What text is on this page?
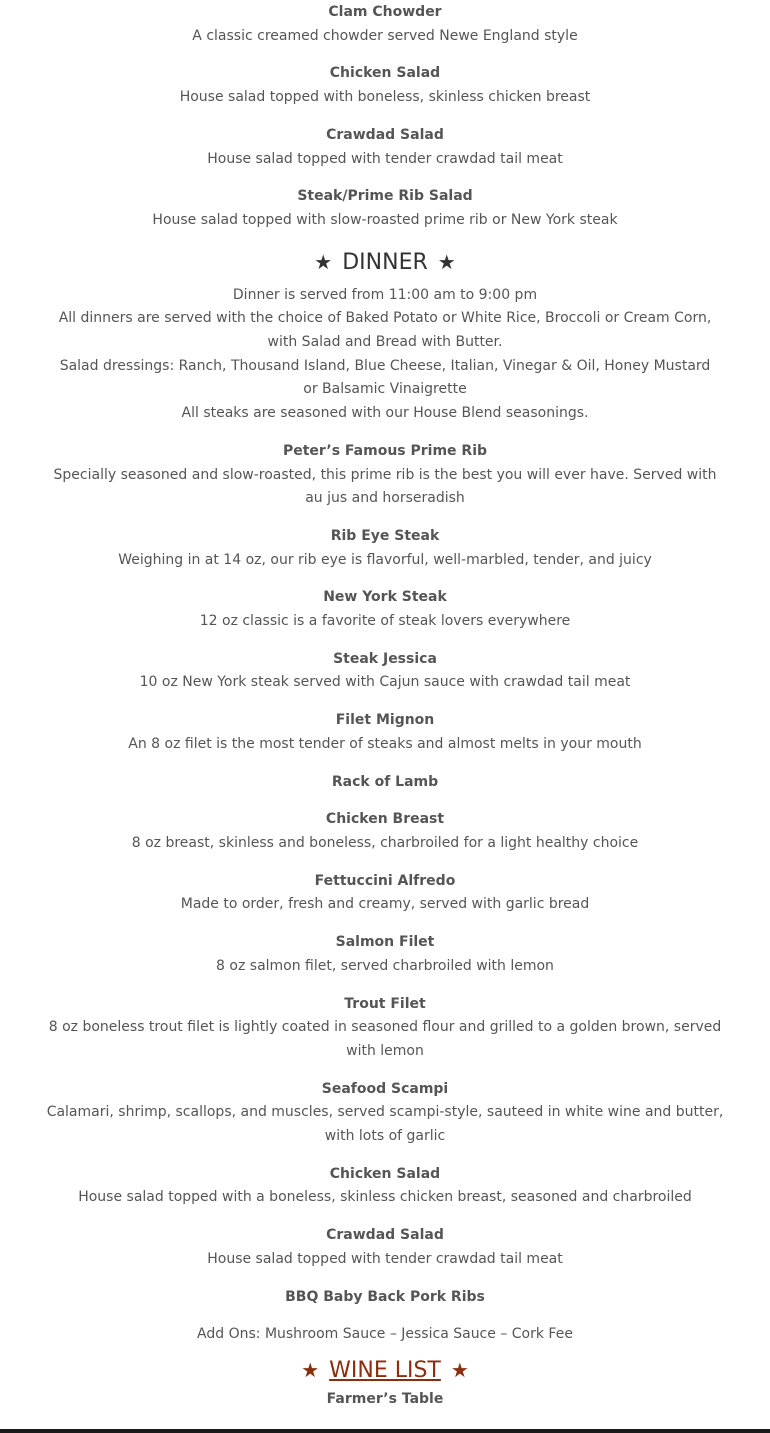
Clam Chowder
A classic creamed chowder served Newe England style
Chicken Salad
House salad topped with boneless, skinless chicken breast
Crawdad Salad
House salad topped with tender crawdad tail meat
Steak/Prime Rib Salad
House salad topped with slow-roasted prime rib or New York steak
★ DINNER ★
Dinner is served from 11:00 am to 9:00 pm
All dinners are served with the choice of Baked Potato or White Rice, Broccoli or Cream Corn, with Salad and Bread with Butter.
Salad dressings: Ranch, Thousand Island, Blue Cheese, Italian, Vinegar & Oil, Honey Mustard or Balsamic Vinaigrette
All steaks are seasoned with our House Blend seasonings.
Peter’s Famous Prime Rib
Specially seasoned and slow-roasted, this prime rib is the best you will ever have. Served with au jus and horseradish
Rib Eye Steak
Weighing in at 14 oz, our rib eye is flavorful, well-marbled, tender, and juicy
New York Steak
12 oz classic is a favorite of steak lovers everywhere
Steak Jessica
10 oz New York steak served with Cajun sauce with crawdad tail meat
Filet Mignon
An 8 oz filet is the most tender of steaks and almost melts in your mouth
Rack of Lamb
Chicken Breast
8 oz breast, skinless and boneless, charbroiled for a light healthy choice
Fettuccini Alfredo
Made to order, fresh and creamy, served with garlic bread
Salmon Filet
8 oz salmon filet, served charbroiled with lemon
Trout Filet
8 oz boneless trout filet is lightly coated in seasoned flour and grilled to a golden brown, served with lemon
Seafood Scampi
Calamari, shrimp, scallops, and muscles, served scampi-style, sauteed in white wine and butter, with lots of garlic
Chicken Salad
House salad topped with a boneless, skinless chicken breast, seasoned and charbroiled
Crawdad Salad
House salad topped with tender crawdad tail meat
BBQ Baby Back Pork Ribs
Add Ons: Mushroom Sauce – Jessica Sauce – Cork Fee
★ WINE LIST ★
Farmer’s Table
